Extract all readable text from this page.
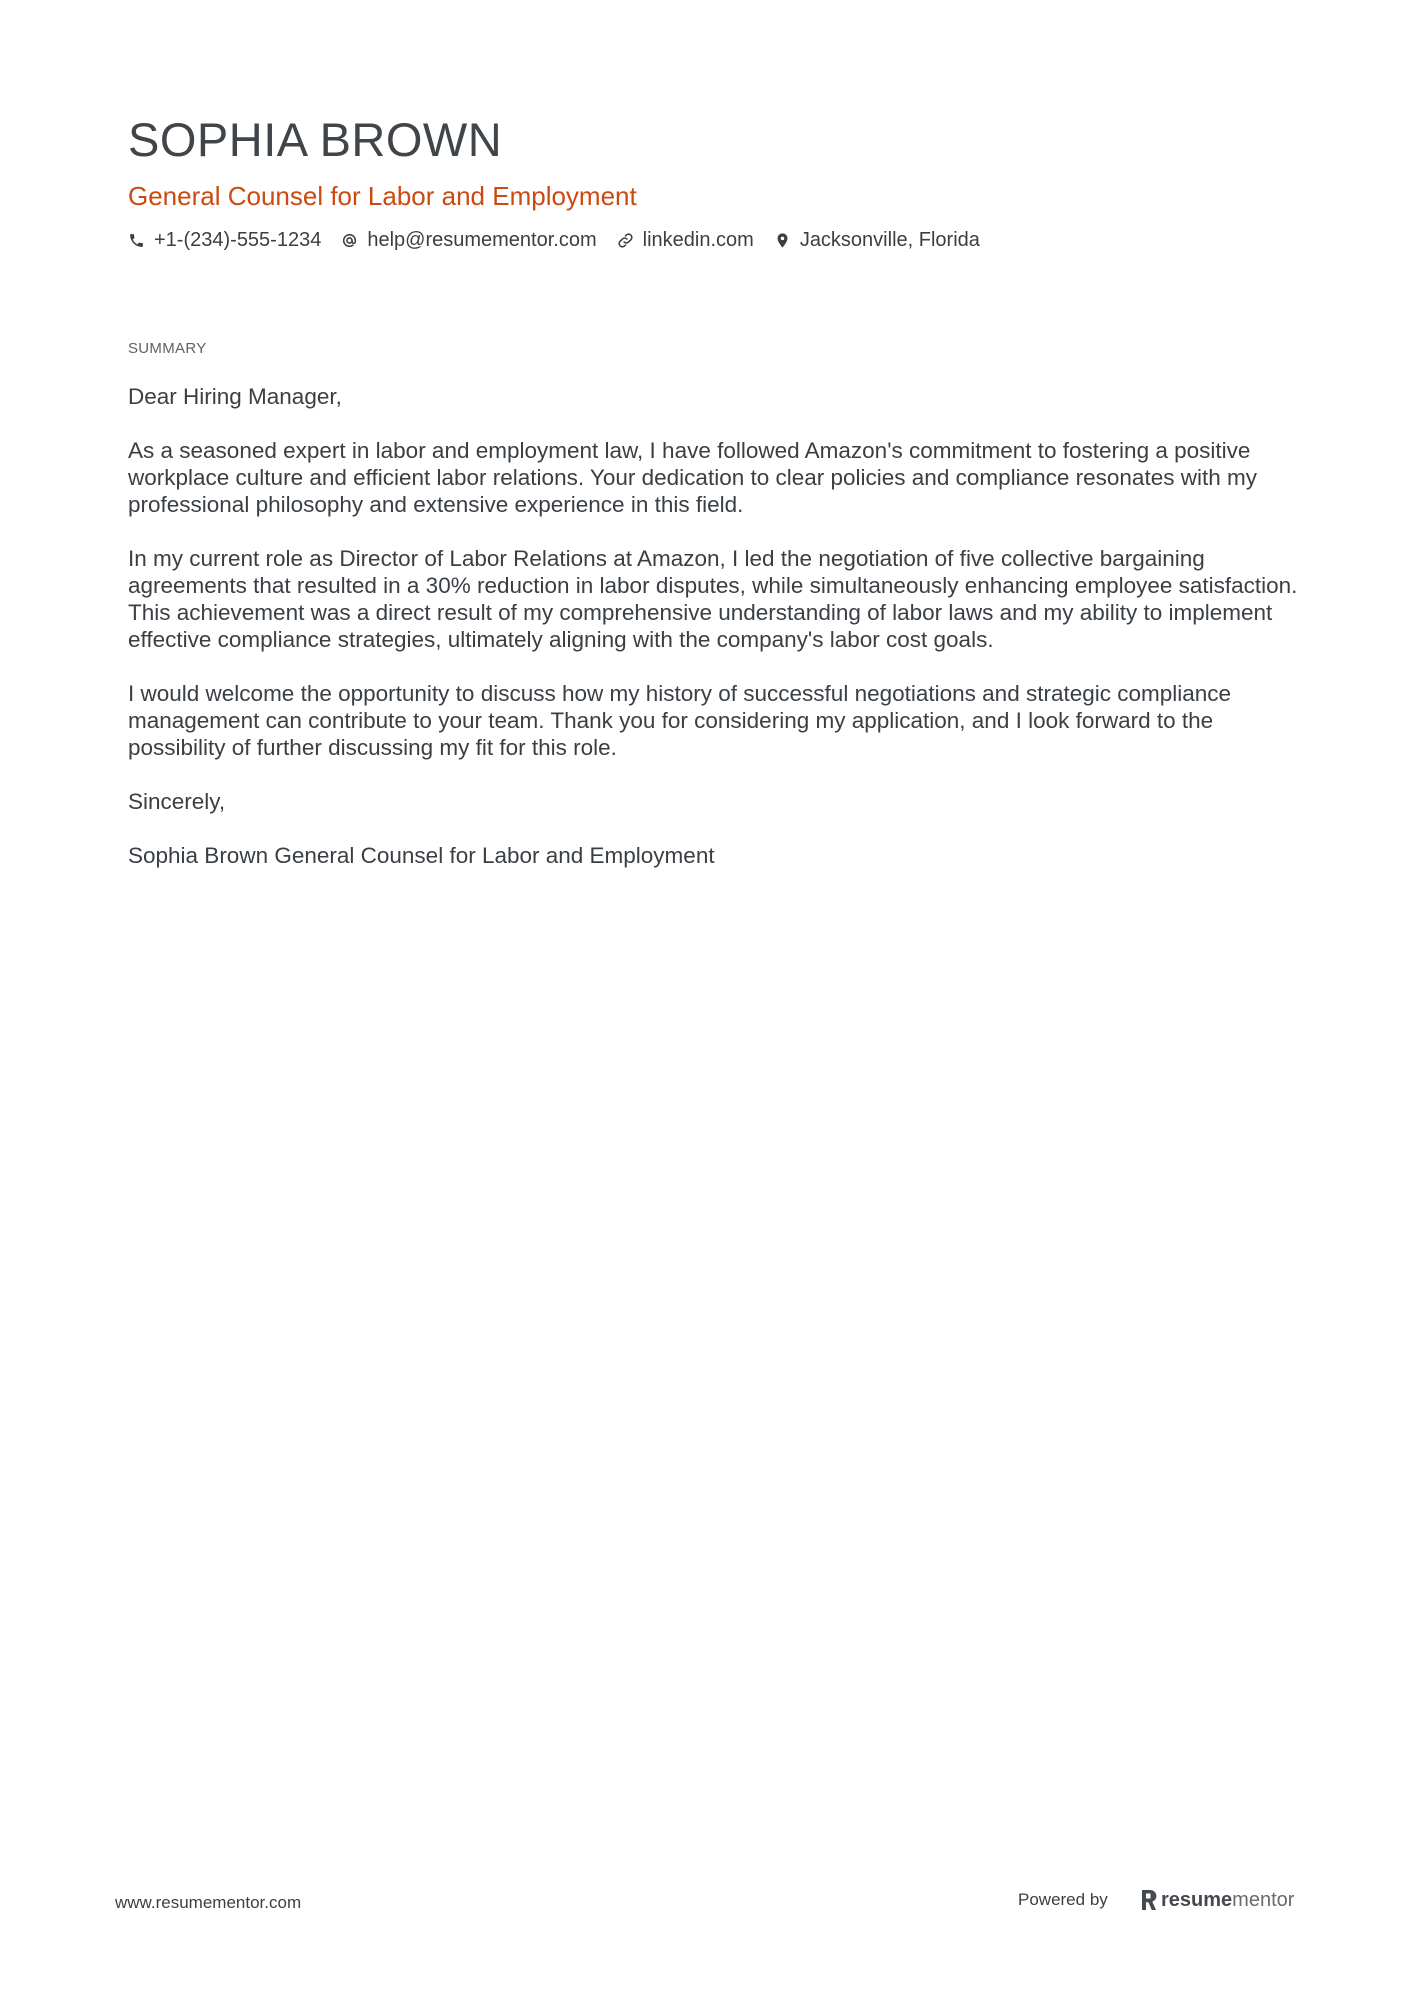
SOPHIA BROWN
General Counsel for Labor and Employment
+1-(234)-555-1234 help@resumementor.com linkedin.com Jacksonville, Florida
SUMMARY

Dear Hiring Manager,

As a seasoned expert in labor and employment law, I have followed Amazon's commitment to fostering a positive workplace culture and efficient labor relations. Your dedication to clear policies and compliance resonates with my professional philosophy and extensive experience in this field.

In my current role as Director of Labor Relations at Amazon, I led the negotiation of five collective bargaining agreements that resulted in a 30% reduction in labor disputes, while simultaneously enhancing employee satisfaction. This achievement was a direct result of my comprehensive understanding of labor laws and my ability to implement effective compliance strategies, ultimately aligning with the company's labor cost goals.

I would welcome the opportunity to discuss how my history of successful negotiations and strategic compliance management can contribute to your team. Thank you for considering my application, and I look forward to the possibility of further discussing my fit for this role.

Sincerely,

Sophia Brown General Counsel for Labor and Employment

www.resumementor.com	Powered by	resume mentor
